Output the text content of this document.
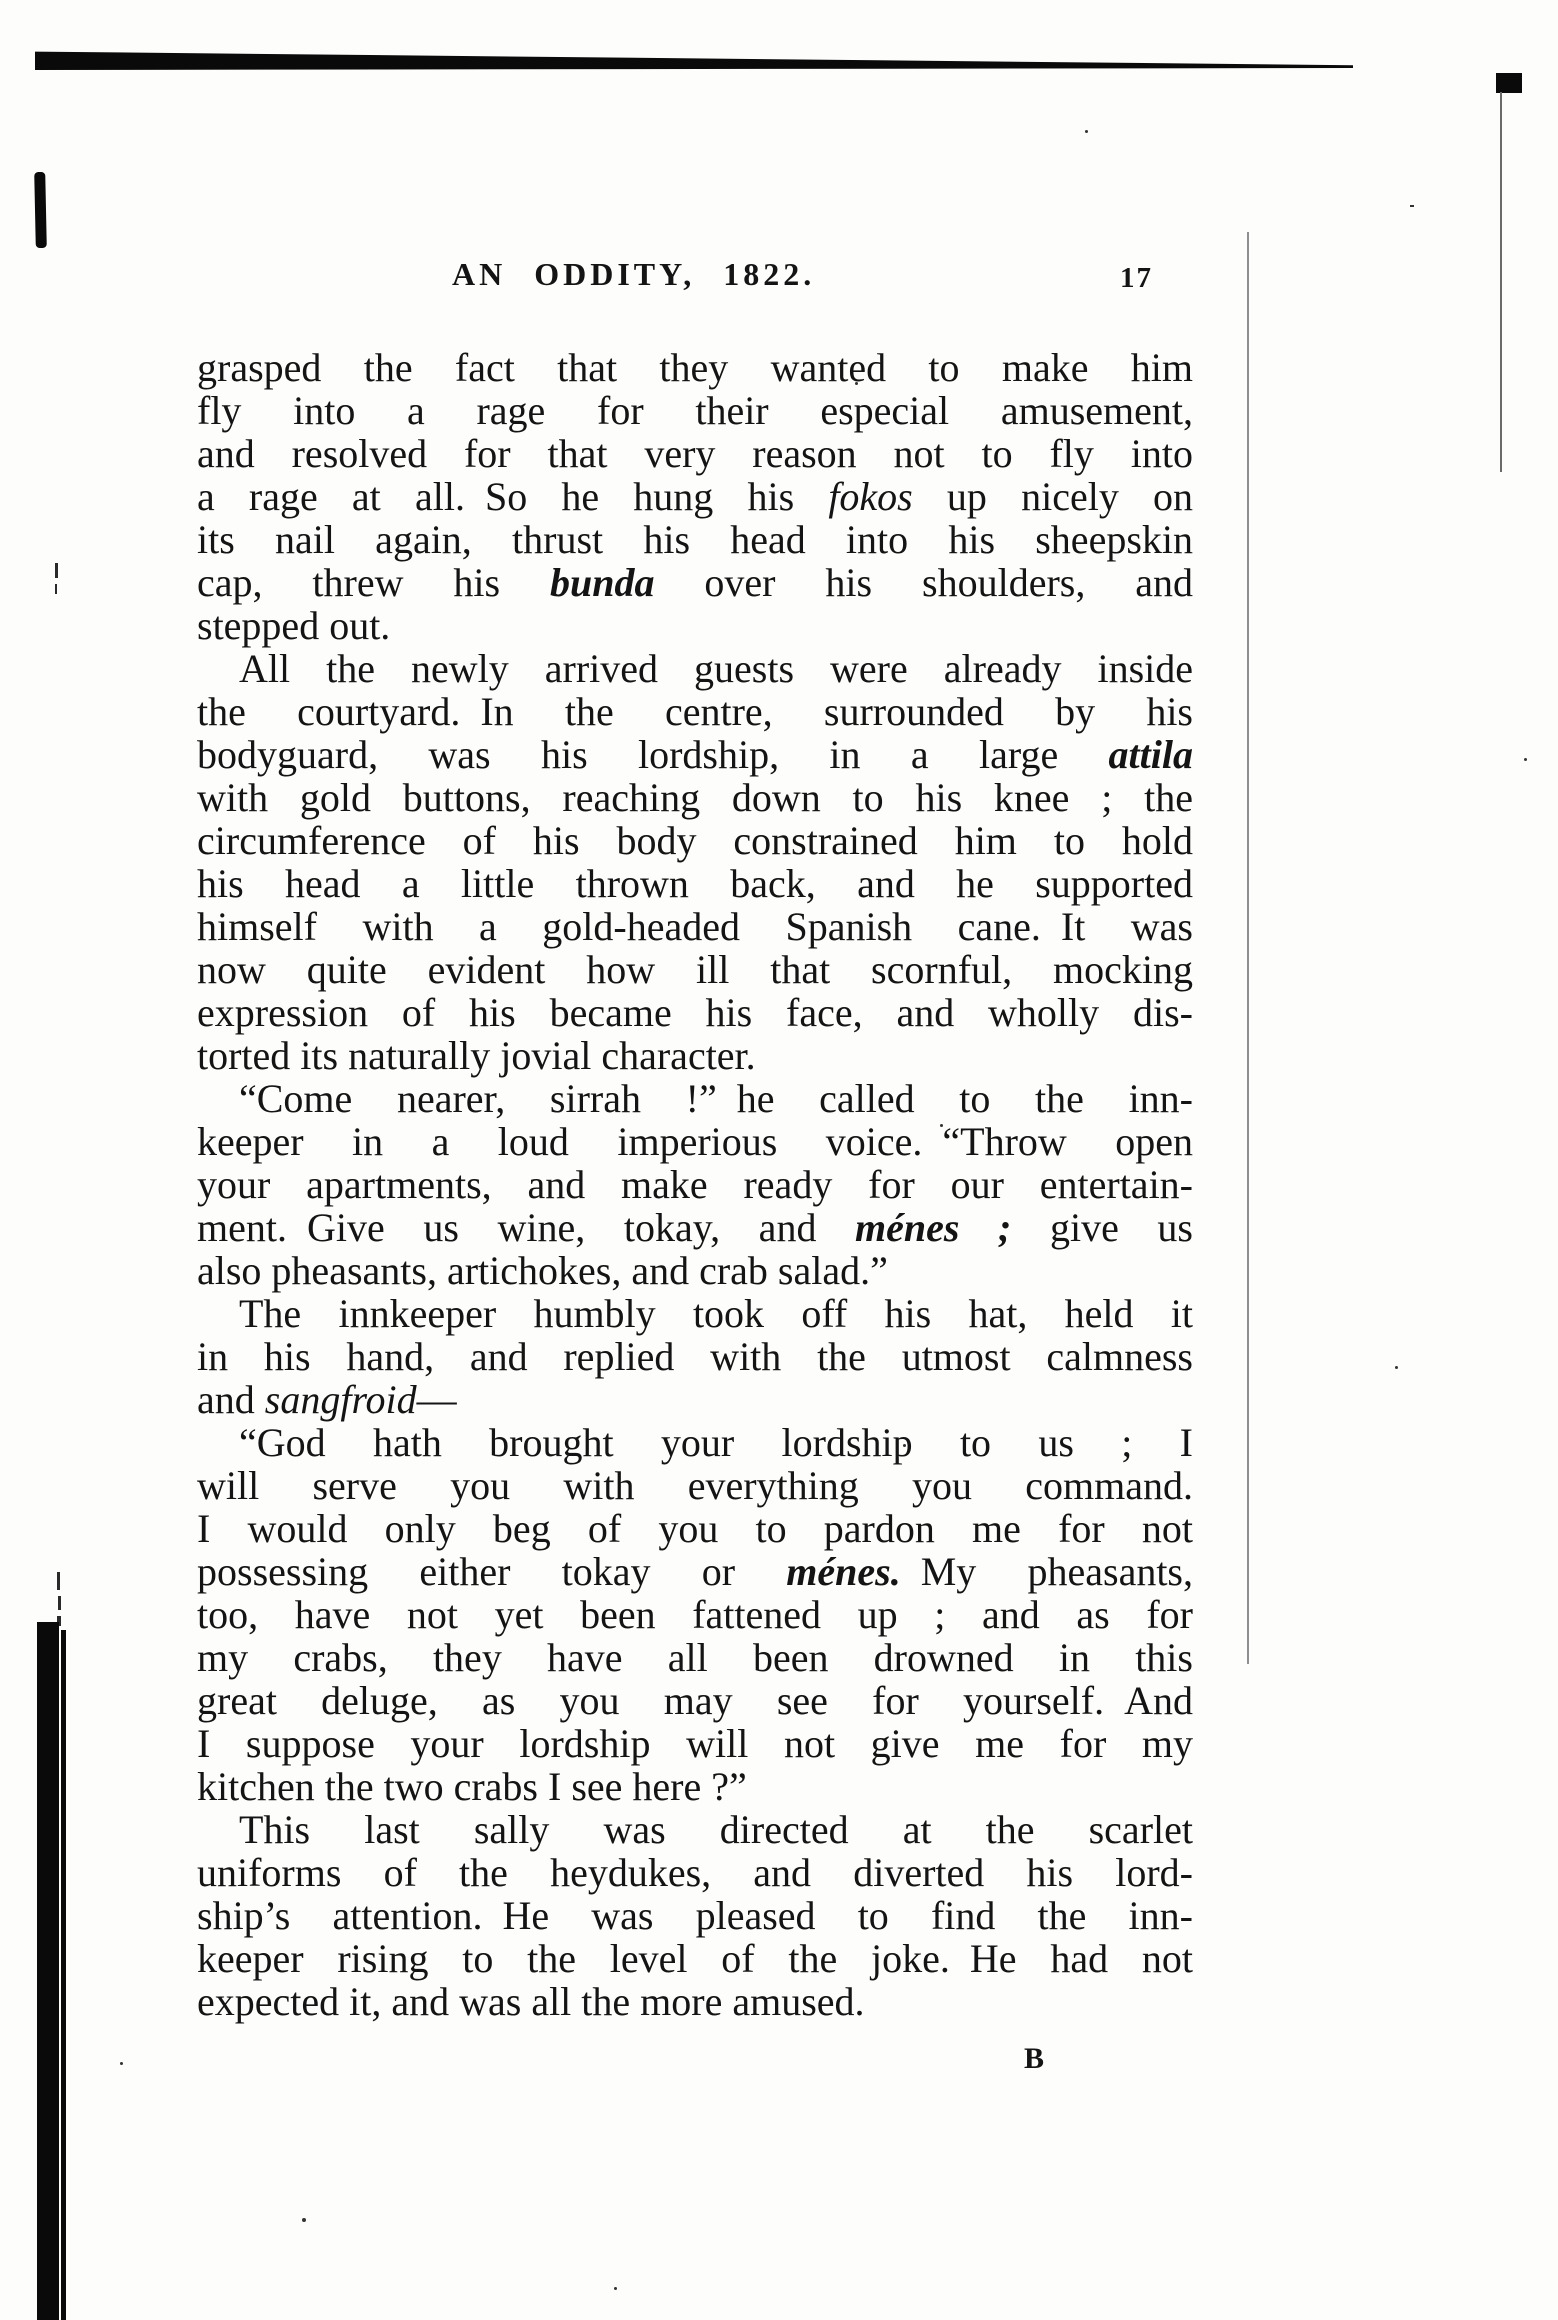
AN ODDITY, 1822.	17
grasped the fact that they wanted to make him
fly into a rage for their especial amusement,
and resolved for that very reason not to fly into
a rage at all. So he hung his fokos up nicely on
its nail again, thrust his head into his sheepskin
cap, threw his bunda over his shoulders, and
stepped out.
All the newly arrived guests were already inside
the courtyard. In the centre, surrounded by his
bodyguard, was his lordship, in a large attila
with gold buttons, reaching down to his knee ; the
circumference of his body constrained him to hold
his head a little thrown back, and he supported
himself with a gold-headed Spanish cane. It was
now quite evident how ill that scornful, mocking
expression of his became his face, and wholly dis-
torted its naturally jovial character.
“Come nearer, sirrah !” he called to the inn-
keeper in a loud imperious voice. “Throw open
your apartments, and make ready for our entertain-
ment. Give us wine, tokay, and ménes ; give us
also pheasants, artichokes, and crab salad.”
The innkeeper humbly took off his hat, held it
in his hand, and replied with the utmost calmness
and sangfroid—
“God hath brought your lordship to us ; I
will serve you with everything you command.
I would only beg of you to pardon me for not
possessing either tokay or ménes. My pheasants,
too, have not yet been fattened up ; and as for
my crabs, they have all been drowned in this
great deluge, as you may see for yourself. And
I suppose your lordship will not give me for my
kitchen the two crabs I see here ?”
This last sally was directed at the scarlet
uniforms of the heydukes, and diverted his lord-
ship’s attention. He was pleased to find the inn-
keeper rising to the level of the joke. He had not
expected it, and was all the more amused.
B
